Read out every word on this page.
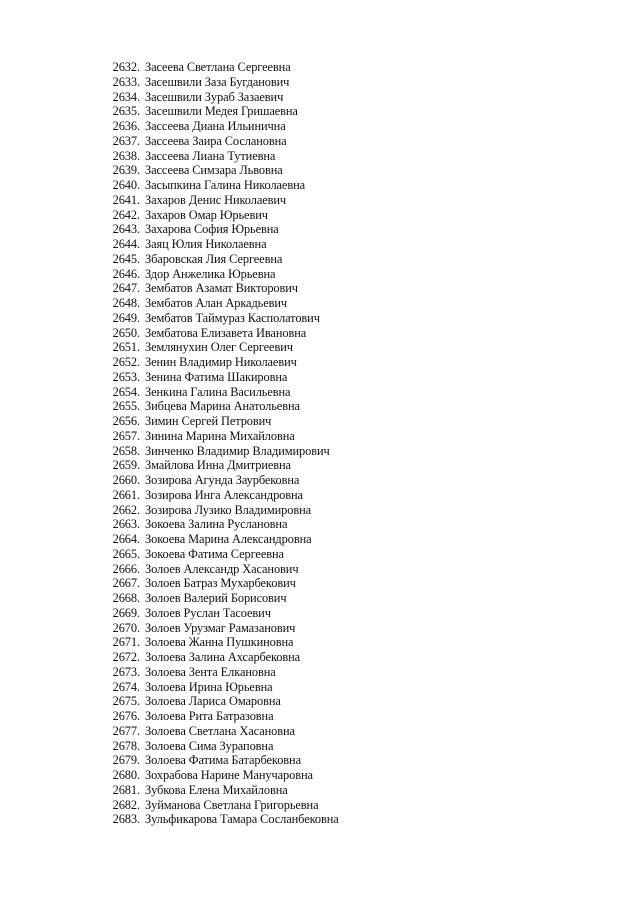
2632. Засеева Светлана Сергеевна
2633. Засешвили Заза Бугданович
2634. Засешвили Зураб Зазаевич
2635. Засешвили Медея Гришаевна
2636. Зассеева Диана Ильинична
2637. Зассеева Заира Сослановна
2638. Зассеева Лиана Тутиевна
2639. Зассеева Симзара Львовна
2640. Засыпкина Галина Николаевна
2641. Захаров Денис Николаевич
2642. Захаров Омар Юрьевич
2643. Захарова София Юрьевна
2644. Заяц Юлия Николаевна
2645. Збаровская Лия Сергеевна
2646. Здор Анжелика Юрьевна
2647. Зембатов Азамат Викторович
2648. Зембатов Алан Аркадьевич
2649. Зембатов Таймураз Касполатович
2650. Зембатова Елизавета Ивановна
2651. Землянухин Олег Сергеевич
2652. Зенин Владимир Николаевич
2653. Зенина Фатима Шакировна
2654. Зенкина Галина Васильевна
2655. Зибцева Марина Анатольевна
2656. Зимин Сергей Петрович
2657. Зинина Марина Михайловна
2658. Зинченко Владимир Владимирович
2659. Змайлова Инна Дмитриевна
2660. Зозирова Агунда Заурбековна
2661. Зозирова Инга Александровна
2662. Зозирова Лузико Владимировна
2663. Зокоева Залина Руслановна
2664. Зокоева Марина Александровна
2665. Зокоева Фатима Сергеевна
2666. Золоев Александр Хасанович
2667. Золоев Батраз Мухарбекович
2668. Золоев Валерий Борисович
2669. Золоев Руслан Тасоевич
2670. Золоев Урузмаг Рамазанович
2671. Золоева Жанна Пушкиновна
2672. Золоева Залина Ахсарбековна
2673. Золоева Зента Елкановна
2674. Золоева Ирина Юрьевна
2675. Золоева Лариса Омаровна
2676. Золоева Рита Батразовна
2677. Золоева Светлана Хасановна
2678. Золоева Сима Зураповна
2679. Золоева Фатима Батарбековна
2680. Зохрабова Нарине Манучаровна
2681. Зубкова Елена Михайловна
2682. Зуйманова Светлана Григорьевна
2683. Зульфикарова Тамара Сосланбековна
